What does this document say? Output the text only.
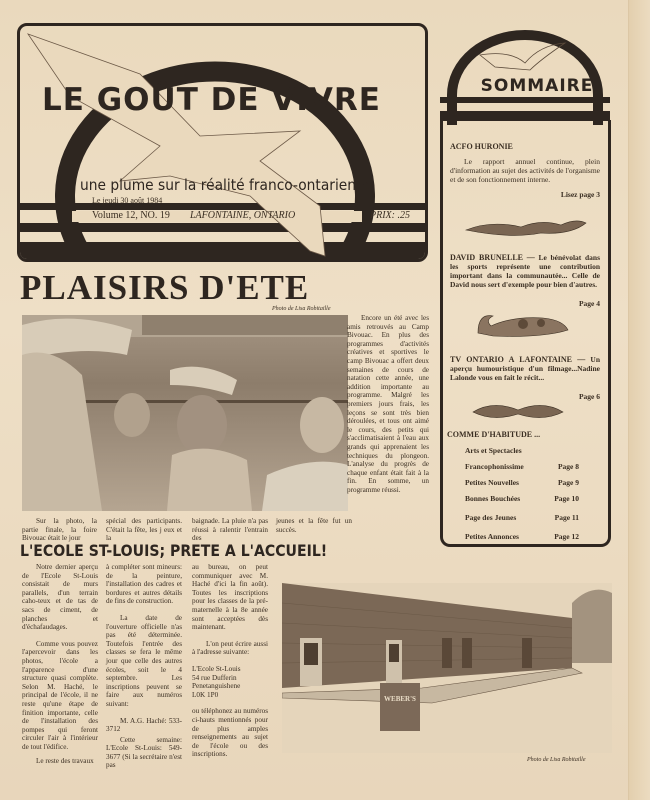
LE GOÛT DE VIVRE
une plume sur la réalité franco-ontarienne
Le jeudi 30 août 1984
Volume 12, NO. 19 LAFONTAINE, ONTARIO	PRIX: .25
SOMMAIRE
ACFO HURONIE

Le rapport annuel continue, plein d'information au sujet des activités de l'organisme et de son fonctionnement interne.

Lisez page 3

DAVID BRUNELLE — Le bénévolat dans les sports représente une contribution important dans la communautée... Celle de David nous sert d'exemple pour bien d'autres.

Page 4

TV ONTARIO A LAFONTAINE — Un aperçu humouristique d'un filmage...Nadine Lalonde vous en fait le récit...

Page 6
COMME D'HABITUDE ...
Arts et Spectacles
Francophonissime	Page 8
Petites Nouvelles	Page 9
Bonnes Bouchées	Page 10
Page des Jeunes	Page 11
Petites Annonces	Page 12
PLAISIRS D'ETE
Photo de Lisa Robitaille

Encore un été avec les amis retrouvés au Camp Bivouac. En plus des programmes d'activités créatives et sportives le camp Bivouac a offert deux semaines de cours de natation cette année, une addition importante au programme. Malgré les premiers jours frais, les leçons se sont très bien déroulées, et tous ont aimé le cours, des petits qui s'acclimatisaient à l'eau aux grands qui apprenaient les techniques du plongeon. L'analyse du progrès de chaque enfant était fait à la fin. En somme, un programme réussi.

Sur la photo, la partie finale, la foire Bivouac était le jour

spécial des participants. C'était la fête, les j eux et la

baignade. La pluie n'a pas réussi à ralentir l'entrain des

jeunes et la fête fut un succès.

L'ECOLE ST-LOUIS; PRETE A L'ACCUEIL!

Notre dernier aperçu de l'Ecole St-Louis consistait de murs parallels, d'un terrain caho-teux et de tas de sacs de ciment, de planches et d'échafaudages.

Comme vous pouvez l'apercevoir dans les photos, l'école a l'apparence d'une structure quasi complète. Selon M. Haché, le principal de l'école, il ne reste qu'une étape de finition importante, celle de l'installation des pompes qui feront circuler l'air à l'intérieur de tout l'édifice.

Le reste des travaux

à compléter sont mineurs: de la peinture, l'installation des cadres et bordures et autres détails de fins de construction.

La date de l'ouverture officielle n'as pas été déterminée. Toutefois l'entrée des classes se fera le même jour que celle des autres écoles, soit le 4 septembre. Les inscriptions peuvent se faire aux numéros suivant:

M. A.G. Haché: 533-3712

Cette semaine: L'Ecole St-Louis: 549-3677 (Si la secrétaire n'est pas

au bureau, on peut communiquer avec M. Haché d'ici la fin août). Toutes les inscriptions pour les classes de la pré-maternelle à la 8e année sont acceptées dès maintenant.

L'on peut écrire aussi à l'adresse suivante:

L'Ecole St-Louis
54 rue Dufferin
Penetanguishene
L0K 1P0

ou téléphonez au numéros ci-hauts mentionnés pour de plus amples renseignements au sujet de l'école ou des inscriptions.

WEBER'S
Photo de Lisa Robitaille
